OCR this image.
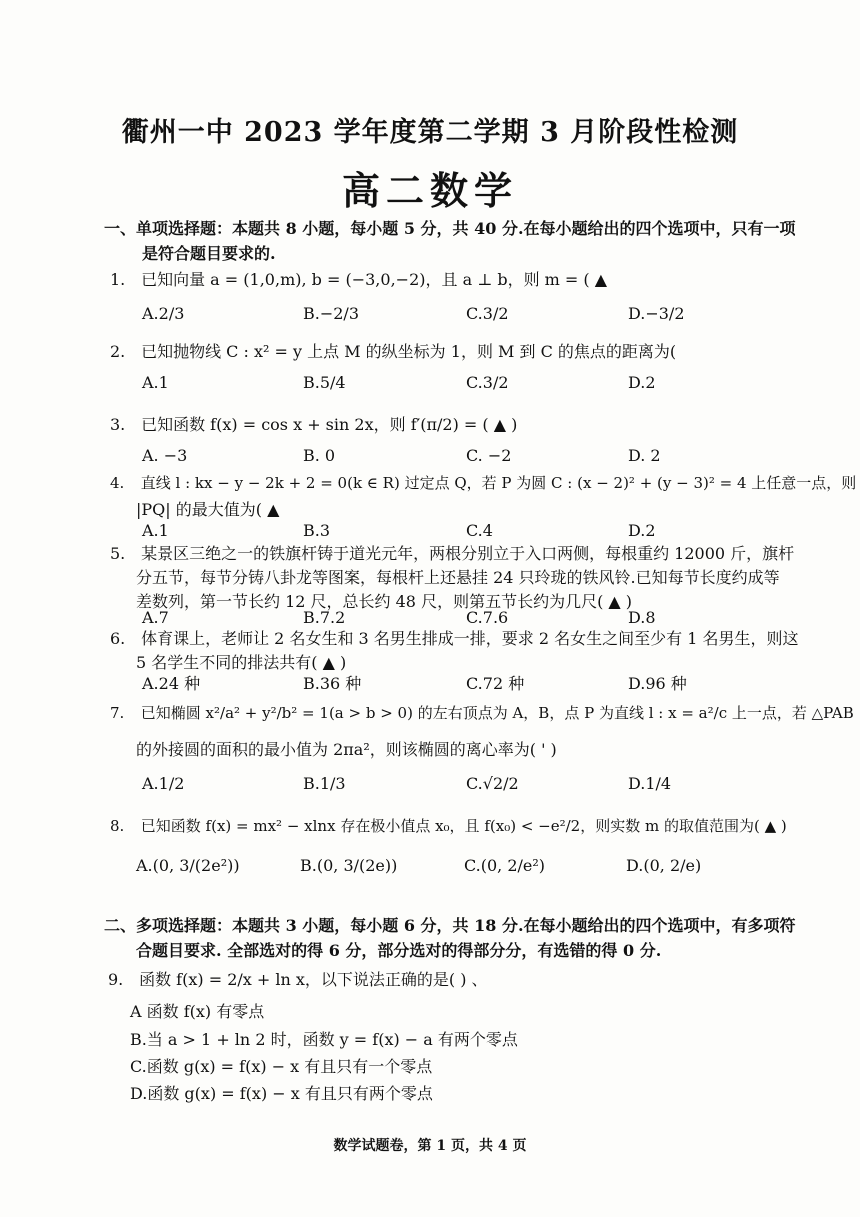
衢州一中 2023 学年度第二学期 3 月阶段性检测
高二数学
一、单项选择题：本题共 8 小题，每小题 5 分，共 40 分.在每小题给出的四个选项中，只有一项
是符合题目要求的.
1. 已知向量 a = (1,0,m), b = (−3,0,−2)，且 a ⊥ b，则 m = ( ▲
A.2/3	B.−2/3	C.3/2	D.−3/2
2. 已知抛物线 C : x² = y 上点 M 的纵坐标为 1，则 M 到 C 的焦点的距离为(
A.1	B.5/4	C.3/2	D.2
3. 已知函数 f(x) = cos x + sin 2x，则 f′(π/2) = ( ▲ )
A. −3	B. 0	C. −2	D. 2
4. 直线 l : kx − y − 2k + 2 = 0(k ∈ R) 过定点 Q，若 P 为圆 C : (x − 2)² + (y − 3)² = 4 上任意一点，则
|PQ| 的最大值为( ▲
A.1	B.3	C.4	D.2
5. 某景区三绝之一的铁旗杆铸于道光元年，两根分别立于入口两侧，每根重约 12000 斤，旗杆
分五节，每节分铸八卦龙等图案，每根杆上还悬挂 24 只玲珑的铁风铃.已知每节长度约成等
差数列，第一节长约 12 尺，总长约 48 尺，则第五节长约为几尺( ▲ )
A.7	B.7.2	C.7.6	D.8
6. 体育课上，老师让 2 名女生和 3 名男生排成一排，要求 2 名女生之间至少有 1 名男生，则这
5 名学生不同的排法共有( ▲ )
A.24 种	B.36 种	C.72 种	D.96 种
7. 已知椭圆 x²/a² + y²/b² = 1(a > b > 0) 的左右顶点为 A，B，点 P 为直线 l : x = a²/c 上一点，若 △PAB
的外接圆的面积的最小值为 2πa²，则该椭圆的离心率为( ' )
A.1/2	B.1/3	C.√2/2	D.1/4
8. 已知函数 f(x) = mx² − xlnx 存在极小值点 x₀，且 f(x₀) < −e²/2，则实数 m 的取值范围为( ▲ )
A.(0, 3/(2e²))	B.(0, 3/(2e))	C.(0, 2/e²)	D.(0, 2/e)
二、多项选择题：本题共 3 小题，每小题 6 分，共 18 分.在每小题给出的四个选项中，有多项符
合题目要求. 全部选对的得 6 分，部分选对的得部分分，有选错的得 0 分.
9. 函数 f(x) = 2/x + ln x，以下说法正确的是( ) 、
A 函数 f(x) 有零点
B.当 a > 1 + ln 2 时，函数 y = f(x) − a 有两个零点
C.函数 g(x) = f(x) − x 有且只有一个零点
D.函数 g(x) = f(x) − x 有且只有两个零点
数学试题卷，第 1 页，共 4 页
